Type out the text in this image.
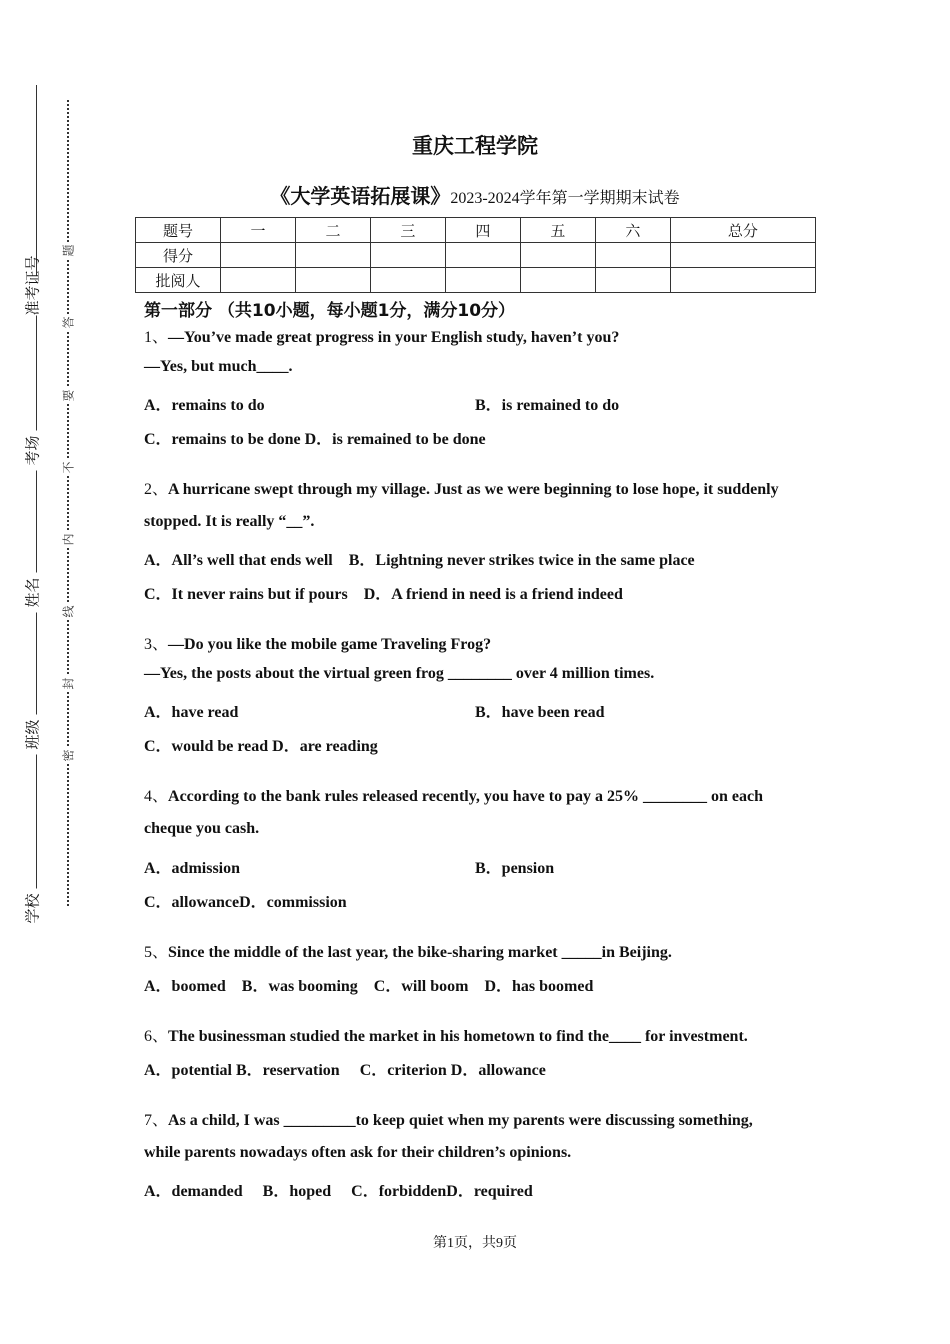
准考证号
考场
姓名
班级
学校
题
答
要
不
内
线
封
密
重庆工程学院
《大学英语拓展课》2023-2024学年第一学期期末试卷
题号	一	二	三	四	五	六	总分
得分							
批阅人							
第一部分 （共10小题，每小题1分，满分10分）
1、—You’ve made great progress in your English study, haven’t you?
—Yes, but much____.
A．remains to do	B．is remained to do
C．remains to be done D．is remained to be done
2、A hurricane swept through my village. Just as we were beginning to lose hope, it suddenly
stopped. It is really “__”.
A．All’s well that ends well　B．Lightning never strikes twice in the same place
C．It never rains but if pours　D．A friend in need is a friend indeed
3、—Do you like the mobile game Traveling Frog?
—Yes, the posts about the virtual green frog ________ over 4 million times.
A．have read	B．have been read
C．would be read D．are reading
4、According to the bank rules released recently, you have to pay a 25% ________ on each
cheque you cash.
A．admission	B．pension
C．allowanceD．commission
5、Since the middle of the last year, the bike-sharing market _____in Beijing.
A．boomed　B．was booming　C．will boom　D．has boomed
6、The businessman studied the market in his hometown to find the____ for investment.
A．potential B．reservation　 C．criterion D．allowance
7、As a child, I was _________to keep quiet when my parents were discussing something,
while parents nowadays often ask for their children’s opinions.
A．demanded　 B．hoped　 C．forbiddenD．required
第1页，共9页
